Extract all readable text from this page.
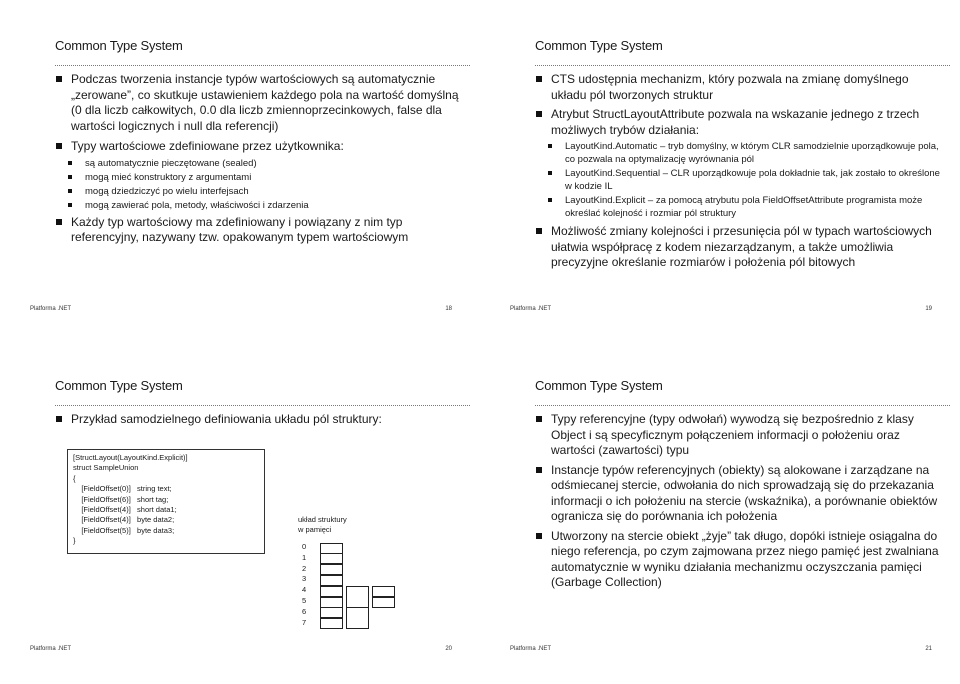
Common Type System
Podczas tworzenia instancje typów wartościowych są automatycznie „zerowane”, co skutkuje ustawieniem każdego pola na wartość domyślną (0 dla liczb całkowitych, 0.0 dla liczb zmiennoprzecinkowych, false dla wartości logicznych i null dla referencji)
Typy wartościowe zdefiniowane przez użytkownika:
są automatycznie pieczętowane (sealed)
mogą mieć konstruktory z argumentami
mogą dziedziczyć po wielu interfejsach
mogą zawierać pola, metody, właściwości i zdarzenia
Każdy typ wartościowy ma zdefiniowany i powiązany z nim typ referencyjny, nazywany tzw. opakowanym typem wartościowym
Platforma .NET	18
Common Type System
CTS udostępnia mechanizm, który pozwala na zmianę domyślnego układu pól tworzonych struktur
Atrybut StructLayoutAttribute pozwala na wskazanie jednego z trzech możliwych trybów działania:
LayoutKind.Automatic – tryb domyślny, w którym CLR samodzielnie uporządkowuje pola, co pozwala na optymalizację wyrównania pól
LayoutKind.Sequential – CLR uporządkowuje pola dokładnie tak, jak zostało to określone w kodzie IL
LayoutKind.Explicit – za pomocą atrybutu pola FieldOffsetAttribute programista może określać kolejność i rozmiar pól struktury
Możliwość zmiany kolejności i przesunięcia pól w typach wartościowych ułatwia współpracę z kodem niezarządzanym, a także umożliwia precyzyjne określanie rozmiarów i położenia pól bitowych
Platforma .NET	19
Common Type System
Przykład samodzielnego definiowania układu pól struktury:
[StructLayout(LayoutKind.Explicit)]
struct SampleUnion
{
[FieldOffset(0)]   string text;
[FieldOffset(6)]   short tag;
[FieldOffset(4)]   short data1;
[FieldOffset(4)]   byte data2;
[FieldOffset(5)]   byte data3;
}
układ struktury
w pamięci
0
1
2
3
4
5
6
7
Platforma .NET	20
Common Type System
Typy referencyjne (typy odwołań) wywodzą się bezpośrednio z klasy Object i są specyficznym połączeniem informacji o położeniu oraz wartości (zawartości) typu
Instancje typów referencyjnych (obiekty) są alokowane i zarządzane na odśmiecanej stercie, odwołania do nich sprowadzają się do przekazania informacji o ich położeniu na stercie (wskaźnika), a porównanie obiektów ogranicza się do porównania ich położenia
Utworzony na stercie obiekt „żyje” tak długo, dopóki istnieje osiągalna do niego referencja, po czym zajmowana przez niego pamięć jest zwalniana automatycznie w wyniku działania mechanizmu oczyszczania pamięci (Garbage Collection)
Platforma .NET	21
